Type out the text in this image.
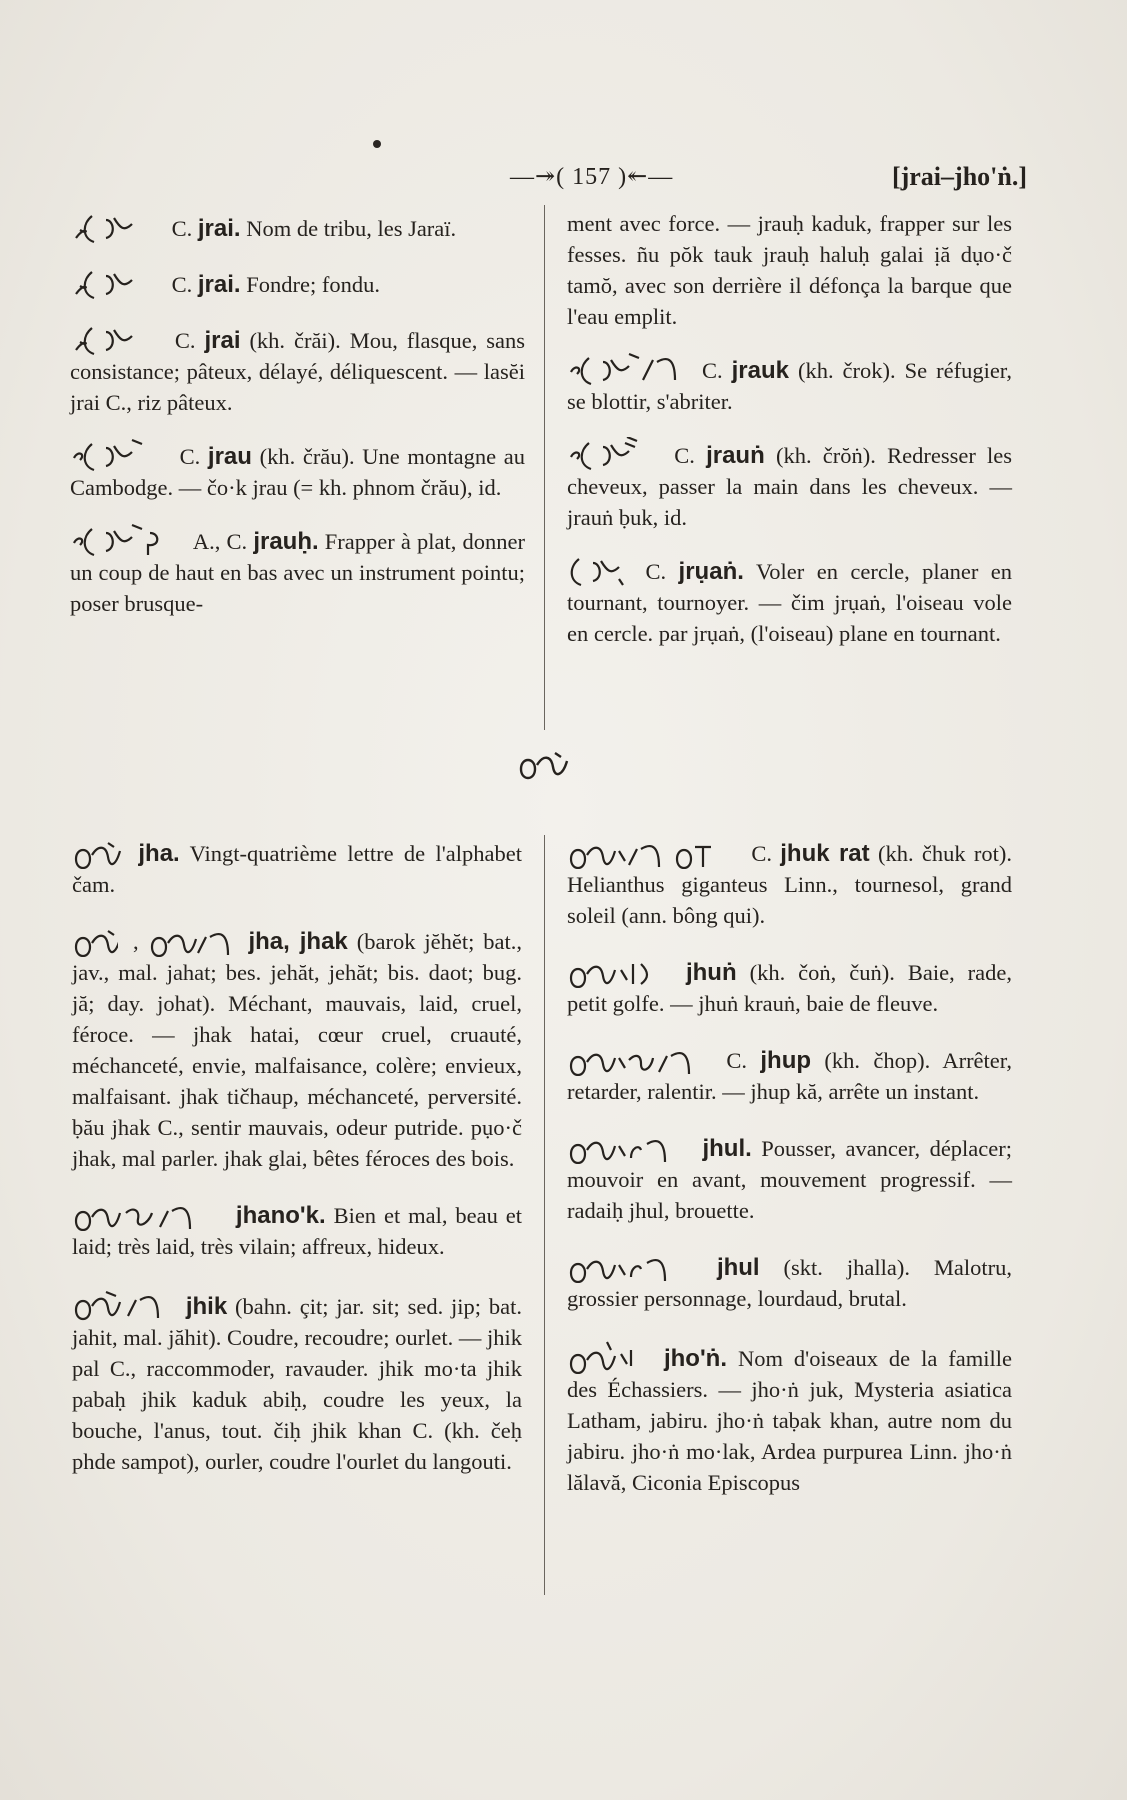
—↠( 157 )↞—	[jrai–jho'ṅ.]
C. jrai. Nom de tribu, les Jaraï.
C. jrai. Fondre; fondu.
C. jrai (kh. črăi). Mou, flasque, sans consistance; pâteux, délayé, déliquescent. — lasĕi jrai C., riz pâteux.
C. jrau (kh. črău). Une montagne au Cambodge. — čo·k jrau (= kh. phnom črău), id.
A., C. jrauḥ. Frapper à plat, donner un coup de haut en bas avec un instrument pointu; poser brusque-
ment avec force. — jrauḥ kaduk, frapper sur les fesses. ñu pŏk tauk jrauḥ haluḥ galai ịă dụo·č tamŏ, avec son derrière il défonça la barque que l'eau emplit.
C. jrauk (kh. črok). Se réfugier, se blottir, s'abriter.
C. jrauṅ (kh. črŏṅ). Redresser les cheveux, passer la main dans les cheveux. — jrauṅ ḅuk, id.
C. jrụaṅ. Voler en cercle, planer en tournant, tournoyer. — čim jrụaṅ, l'oiseau vole en cercle. par jrụaṅ, (l'oiseau) plane en tournant.
jha. Vingt-quatrième lettre de l'alphabet čam.
,	jha, jhak (barok jĕhĕt; bat., jav., mal. jahat; bes. jehăt, jehăt; bis. daot; bug. jă; day. johat). Méchant, mauvais, laid, cruel, féroce. — jhak hatai, cœur cruel, cruauté, méchanceté, envie, malfaisance, colère; envieux, malfaisant. jhak tičhaup, méchanceté, perversité. ḅău jhak C., sentir mauvais, odeur putride. pụo·č jhak, mal parler. jhak glai, bêtes féroces des bois.
jhano'k. Bien et mal, beau et laid; très laid, très vilain; affreux, hideux.
jhik (bahn. çit; jar. sit; sed. jip; bat. jahit, mal. jăhit). Coudre, recoudre; ourlet. — jhik pal C., raccommoder, ravauder. jhik mo·ta jhik pabaḥ jhik kaduk abiḥ, coudre les yeux, la bouche, l'anus, tout. čiḥ jhik khan C. (kh. čeḥ phde sampot), ourler, coudre l'ourlet du langouti.
C. jhuk rat (kh. čhuk rot). Helianthus giganteus Linn., tournesol, grand soleil (ann. bông qui).
jhuṅ (kh. čoṅ, čuṅ). Baie, rade, petit golfe. — jhuṅ krauṅ, baie de fleuve.
C. jhup (kh. čhop). Arrêter, retarder, ralentir. — jhup kă, arrête un instant.
jhul. Pousser, avancer, déplacer; mouvoir en avant, mouvement progressif. — radaiḥ jhul, brouette.
jhul (skt. jhalla). Malotru, grossier personnage, lourdaud, brutal.
jho'ṅ. Nom d'oiseaux de la famille des Échassiers. — jho·ṅ juk, Mysteria asiatica Latham, jabiru. jho·ṅ taḅak khan, autre nom du jabiru. jho·ṅ mo·lak, Ardea purpurea Linn. jho·ṅ lălavă, Ciconia Episcopus
